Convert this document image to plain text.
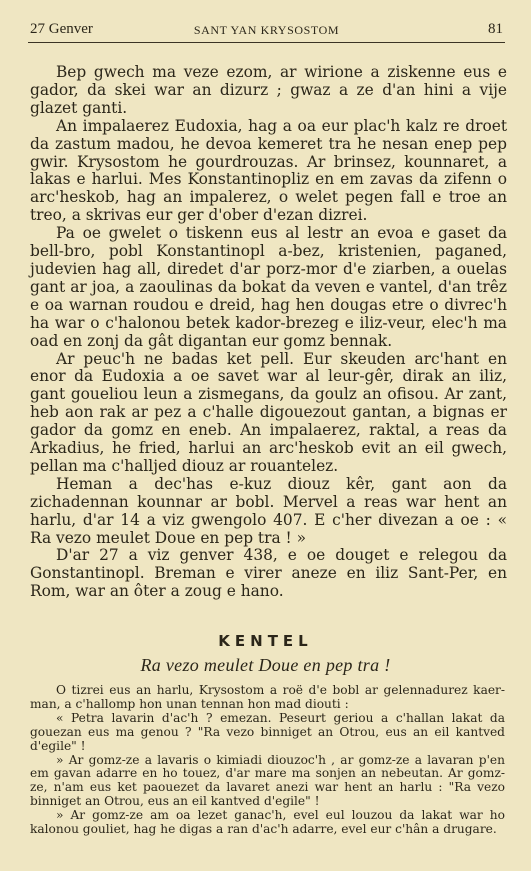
27 Genver	SANT YAN KRYSOSTOM	81

Bep gwech ma veze ezom, ar wirione a ziskenne eus e gador, da skei war an dizurz ; gwaz a ze d'an hini a vije glazet ganti.

An impalaerez Eudoxia, hag a oa eur plac'h kalz re droet da zastum madou, he devoa kemeret tra he nesan enep pep gwir. Krysostom he gourdrouzas. Ar brinsez, kounnaret, a lakas e harlui. Mes Konstantinopliz en em zavas da zifenn o arc'heskob, hag an impalerez, o welet pegen fall e troe an treo, a skrivas eur ger d'ober d'ezan dizrei.

Pa oe gwelet o tiskenn eus al lestr an evoa e gaset da bell-bro, pobl Konstantinopl a-bez, kristenien, paganed, judevien hag all, diredet d'ar porz-mor d'e ziarben, a ouelas gant ar joa, a zaoulinas da bokat da veven e vantel, d'an trêz e oa warnan roudou e dreid, hag hen dougas etre o divrec'h ha war o c'halonou betek kador-brezeg e iliz-veur, elec'h ma oad en zonj da gât digantan eur gomz bennak.

Ar peuc'h ne badas ket pell. Eur skeuden arc'hant en enor da Eudoxia a oe savet war al leur-gêr, dirak an iliz, gant goueliou leun a zismegans, da goulz an ofisou. Ar zant, heb aon rak ar pez a c'halle digouezout gantan, a bignas er gador da gomz en eneb. An impalaerez, raktal, a reas da Arkadius, he fried, harlui an arc'heskob evit an eil gwech, pellan ma c'halljed diouz ar rouantelez.

Heman a dec'has e-kuz diouz kêr, gant aon da zichadennan kounnar ar bobl. Mervel a reas war hent an harlu, d'ar 14 a viz gwengolo 407. E c'her divezan a oe : « Ra vezo meulet Doue en pep tra ! »

D'ar 27 a viz genver 438, e oe douget e relegou da Gonstantinopl. Breman e virer aneze en iliz Sant-Per, en Rom, war an ôter a zoug e hano.

KENTEL
Ra vezo meulet Doue en pep tra !

O tizrei eus an harlu, Krysostom a roë d'e bobl ar gelennadurez kaer-man, a c'hallomp hon unan tennan hon mad diouti :

« Petra lavarin d'ac'h ? emezan. Peseurt geriou a c'hallan lakat da gouezan eus ma genou ? "Ra vezo binniget an Otrou, eus an eil kantved d'egile" !

» Ar gomz-ze a lavaris o kimiadi diouzoc'h , ar gomz-ze a lavaran p'en em gavan adarre en ho touez, d'ar mare ma sonjen an nebeutan. Ar gomz-ze, n'am eus ket paouezet da lavaret anezi war hent an harlu : "Ra vezo binniget an Otrou, eus an eil kantved d'egile" !

» Ar gomz-ze am oa lezet ganac'h, evel eul louzou da lakat war ho kalonou gouliet, hag he digas a ran d'ac'h adarre, evel eur c'hân a drugare.
